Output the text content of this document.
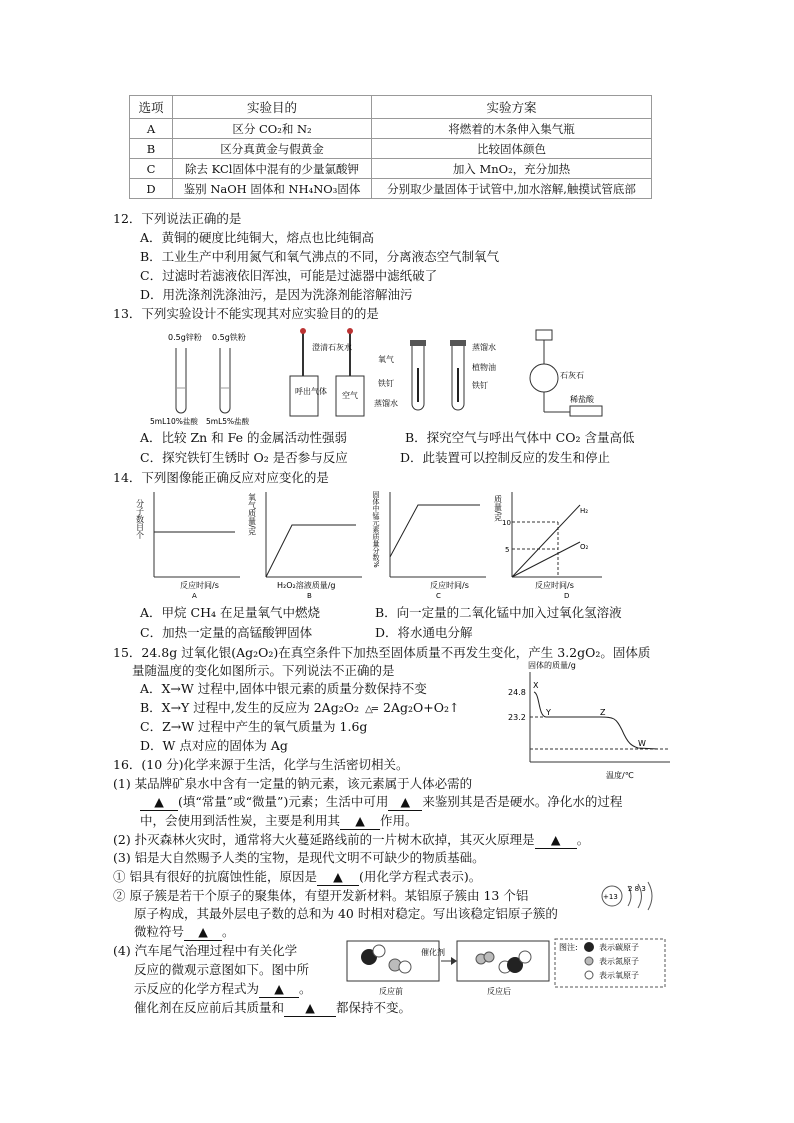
选项	实验目的	实验方案
A	区分 CO₂和 N₂	将燃着的木条伸入集气瓶
B	区分真黄金与假黄金	比较固体颜色
C	除去 KCl固体中混有的少量氯酸钾	加入 MnO₂，充分加热
D	鉴别 NaOH 固体和 NH₄NO₃固体	分别取少量固体于试管中,加水溶解,触摸试管底部
12．下列说法正确的是
A．黄铜的硬度比纯铜大，熔点也比纯铜高
B．工业生产中利用氮气和氧气沸点的不同，分离液态空气制氧气
C．过滤时若滤液依旧浑浊，可能是过滤器中滤纸破了
D．用洗涤剂洗涤油污，是因为洗涤剂能溶解油污
13．下列实验设计不能实现其对应实验目的的是
0.5g锌粉 0.5g铁粉
5mL10%盐酸 5mL5%盐酸
澄清石灰水
呼出气体 空气
氧气
铁钉
蒸馏水
蒸馏水
铁钉
植物油
石灰石
稀盐酸
A．比较 Zn 和 Fe 的金属活动性强弱	B．探究空气与呼出气体中 CO₂ 含量高低
C．探究铁钉生锈时 O₂ 是否参与反应	D．此装置可以控制反应的发生和停止
14．下列图像能正确反应对应变化的是
分子数目个
反应时间/s
A
氧气质量/克
H₂O₂溶液质量/g
B
固体中锰元素质量分数%
反应时间/s
C
质量/克
10
5
H₂
O₂
反应时间/s
D
A．甲烷 CH₄ 在足量氧气中燃烧	B．向一定量的二氧化锰中加入过氧化氢溶液
C．加热一定量的高锰酸钾固体	D．将水通电分解
15．24.8g 过氧化银(Ag₂O₂)在真空条件下加热至固体质量不再发生变化，产生 3.2gO₂。固体质
量随温度的变化如图所示。下列说法不正确的是
A．X→W 过程中,固体中银元素的质量分数保持不变
B．X→Y 过程中,发生的反应为 2Ag₂O₂  △═  2Ag₂O+O₂↑
C．Z→W 过程中产生的氧气质量为 1.6g
D．W 点对应的固体为 Ag
固体的质量/g
24.8
23.2
X
Y	Z
W
温度/℃
16．(10 分)化学来源于生活，化学与生活密切相关。
(1) 某品牌矿泉水中含有一定量的钠元素，该元素属于人体必需的
▲ (填“常量”或“微量”)元素；生活中可用 ▲ 来鉴别其是否是硬水。净化水的过程
中，会使用到活性炭，主要是利用其 ▲ 作用。
(2) 扑灭森林火灾时，通常将大火蔓延路线前的一片树木砍掉，其灭火原理是 ▲ 。
(3) 铝是大自然赐予人类的宝物，是现代文明不可缺少的物质基础。
① 铝具有很好的抗腐蚀性能，原因是 ▲ (用化学方程式表示)。
② 原子簇是若干个原子的聚集体，有望开发新材料。某铝原子簇由 13 个铝
原子构成，其最外层电子数的总和为 40 时相对稳定。写出该稳定铝原子簇的
微粒符号 ▲ 。
+13
2 8 3
(4) 汽车尾气治理过程中有关化学
反应的微观示意图如下。图中所
示反应的化学方程式为 ▲ 。
催化剂在反应前后其质量和 ▲ 都保持不变。
反应前
催化剂
反应后
图注:	表示碳原子
表示氮原子
表示氧原子
